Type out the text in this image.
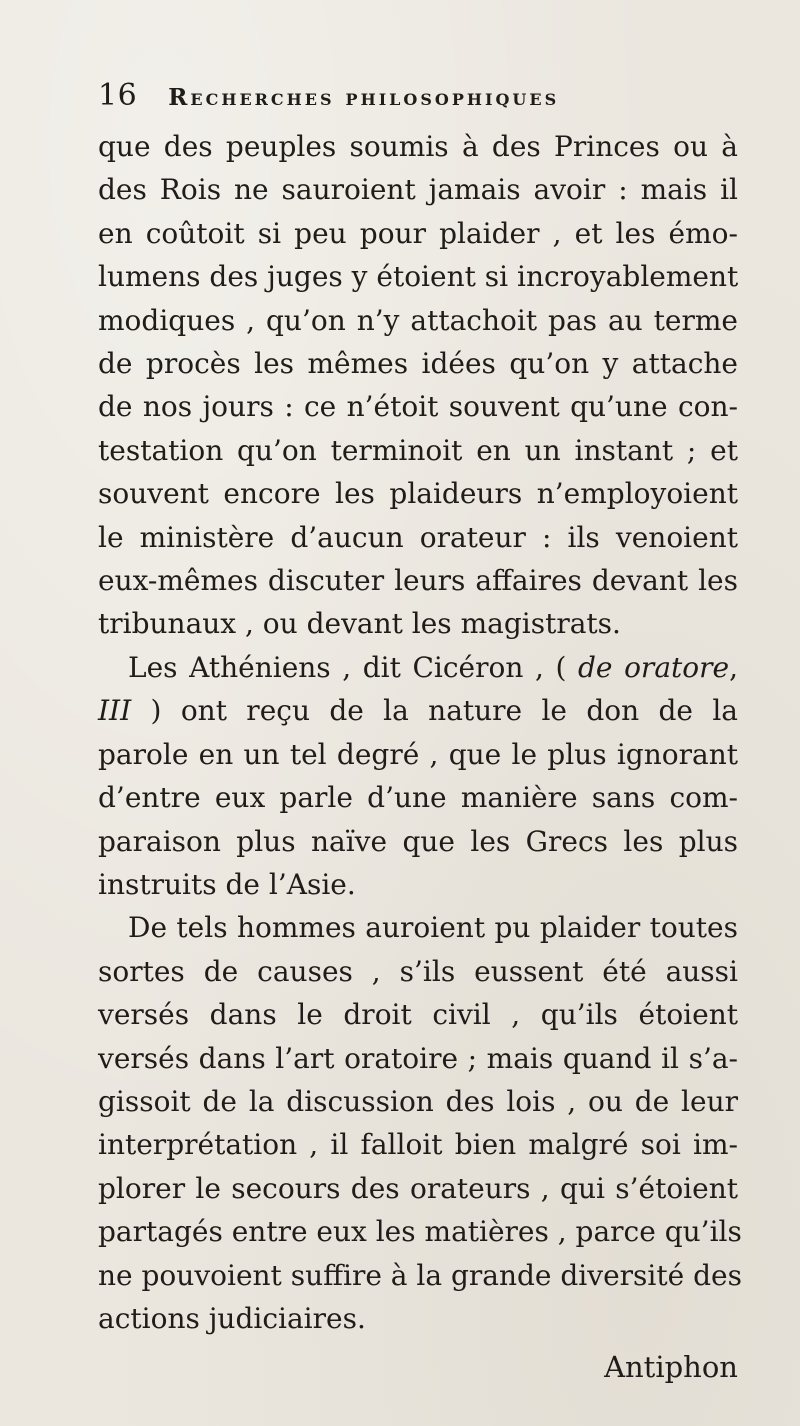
16 Recherches philosophiques
que des peuples soumis à des Princes ou à
des Rois ne sauroient jamais avoir : mais il
en coûtoit si peu pour plaider , et les émo-
lumens des juges y étoient si incroyablement
modiques , qu’on n’y attachoit pas au terme
de procès les mêmes idées qu’on y attache
de nos jours : ce n’étoit souvent qu’une con-
testation qu’on terminoit en un instant ; et
souvent encore les plaideurs n’employoient
le ministère d’aucun orateur : ils venoient
eux-mêmes discuter leurs affaires devant les
tribunaux , ou devant les magistrats.
Les Athéniens , dit Cicéron , ( de oratore,
III ) ont reçu de la nature le don de la
parole en un tel degré , que le plus ignorant
d’entre eux parle d’une manière sans com-
paraison plus naïve que les Grecs les plus
instruits de l’Asie.
De tels hommes auroient pu plaider toutes
sortes de causes , s’ils eussent été aussi
versés dans le droit civil , qu’ils étoient
versés dans l’art oratoire ; mais quand il s’a-
gissoit de la discussion des lois , ou de leur
interprétation , il falloit bien malgré soi im-
plorer le secours des orateurs , qui s’étoient
partagés entre eux les matières , parce qu’ils
ne pouvoient suffire à la grande diversité des
actions judiciaires.
Antiphon
